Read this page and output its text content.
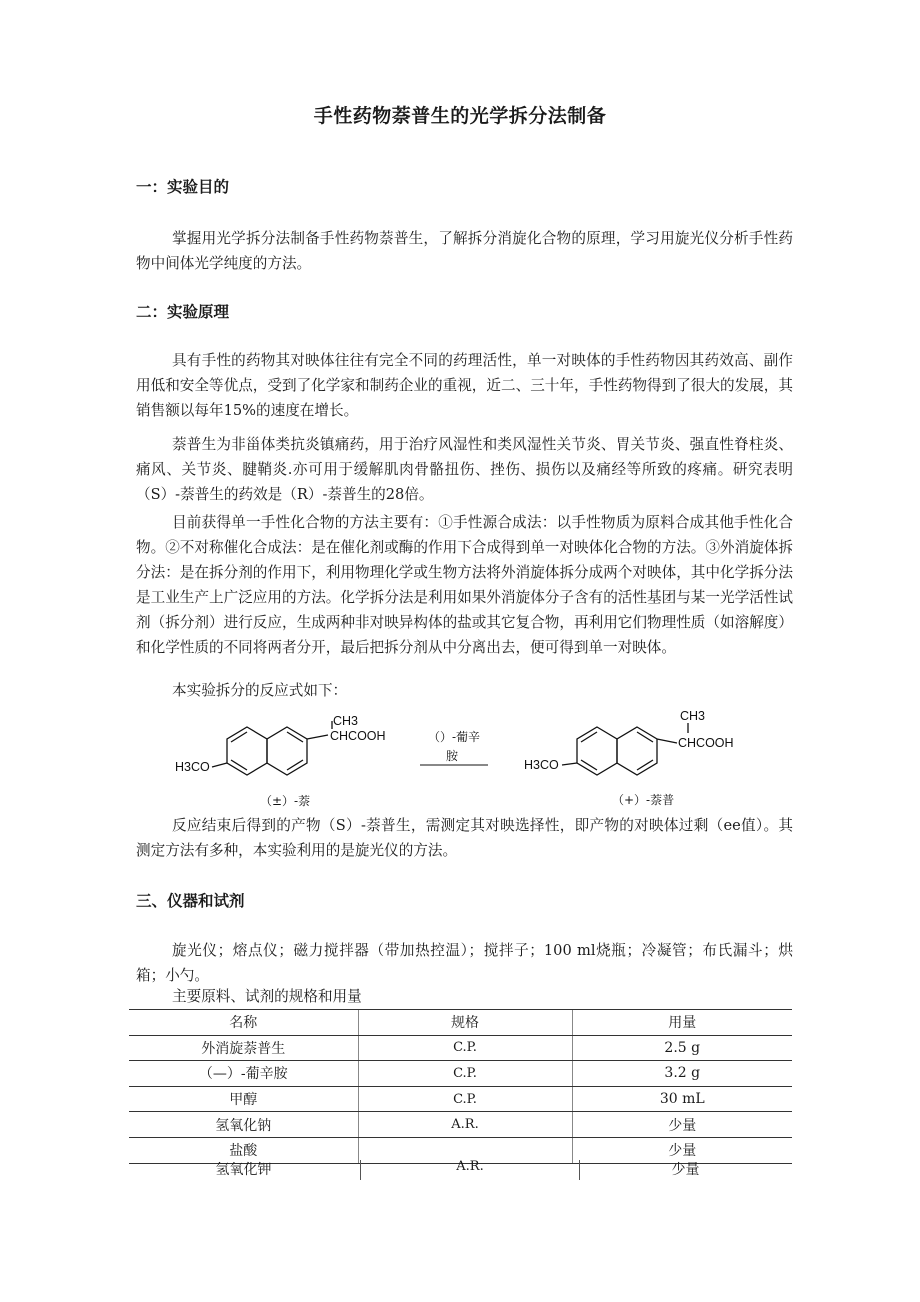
手性药物萘普生的光学拆分法制备
一：实验目的

掌握用光学拆分法制备手性药物萘普生，了解拆分消旋化合物的原理，学习用旋光仪分析手性药物中间体光学纯度的方法。

二：实验原理

具有手性的药物其对映体往往有完全不同的药理活性，单一对映体的手性药物因其药效高、副作用低和安全等优点，受到了化学家和制药企业的重视，近二、三十年，手性药物得到了很大的发展，其销售额以每年15%的速度在增长。

萘普生为非甾体类抗炎镇痛药，用于治疗风湿性和类风湿性关节炎、胃关节炎、强直性脊柱炎、痛风、关节炎、腱鞘炎.亦可用于缓解肌肉骨骼扭伤、挫伤、损伤以及痛经等所致的疼痛。研究表明（S）-萘普生的药效是（R）-萘普生的28倍。

目前获得单一手性化合物的方法主要有：①手性源合成法：以手性物质为原料合成其他手性化合物。②不对称催化合成法：是在催化剂或酶的作用下合成得到单一对映体化合物的方法。③外消旋体拆分法：是在拆分剂的作用下，利用物理化学或生物方法将外消旋体拆分成两个对映体，其中化学拆分法是工业生产上广泛应用的方法。化学拆分法是利用如果外消旋体分子含有的活性基团与某一光学活性试剂（拆分剂）进行反应，生成两种非对映异构体的盐或其它复合物，再利用它们物理性质（如溶解度）和化学性质的不同将两者分开，最后把拆分剂从中分离出去，便可得到单一对映体。

本实验拆分的反应式如下：

CH3
CHCOOH
H3CO
（±）-萘
（）-葡辛
胺
CH3
CHCOOH
H3CO
（+）-萘普

反应结束后得到的产物（S）-萘普生，需测定其对映选择性，即产物的对映体过剩（ee值）。其测定方法有多种，本实验利用的是旋光仪的方法。

三、仪器和试剂

旋光仪；熔点仪；磁力搅拌器（带加热控温）；搅拌子；100 ml烧瓶；冷凝管；布氏漏斗；烘箱；小勺。

主要原料、试剂的规格和用量

名称	规格	用量
外消旋萘普生	C.P.	2.5 g
（—）-葡辛胺	C.P.	3.2 g
甲醇	C.P.	30 mL
氢氧化钠	A.R.	少量
盐酸		少量
氢氧化钾	A.R.	少量
